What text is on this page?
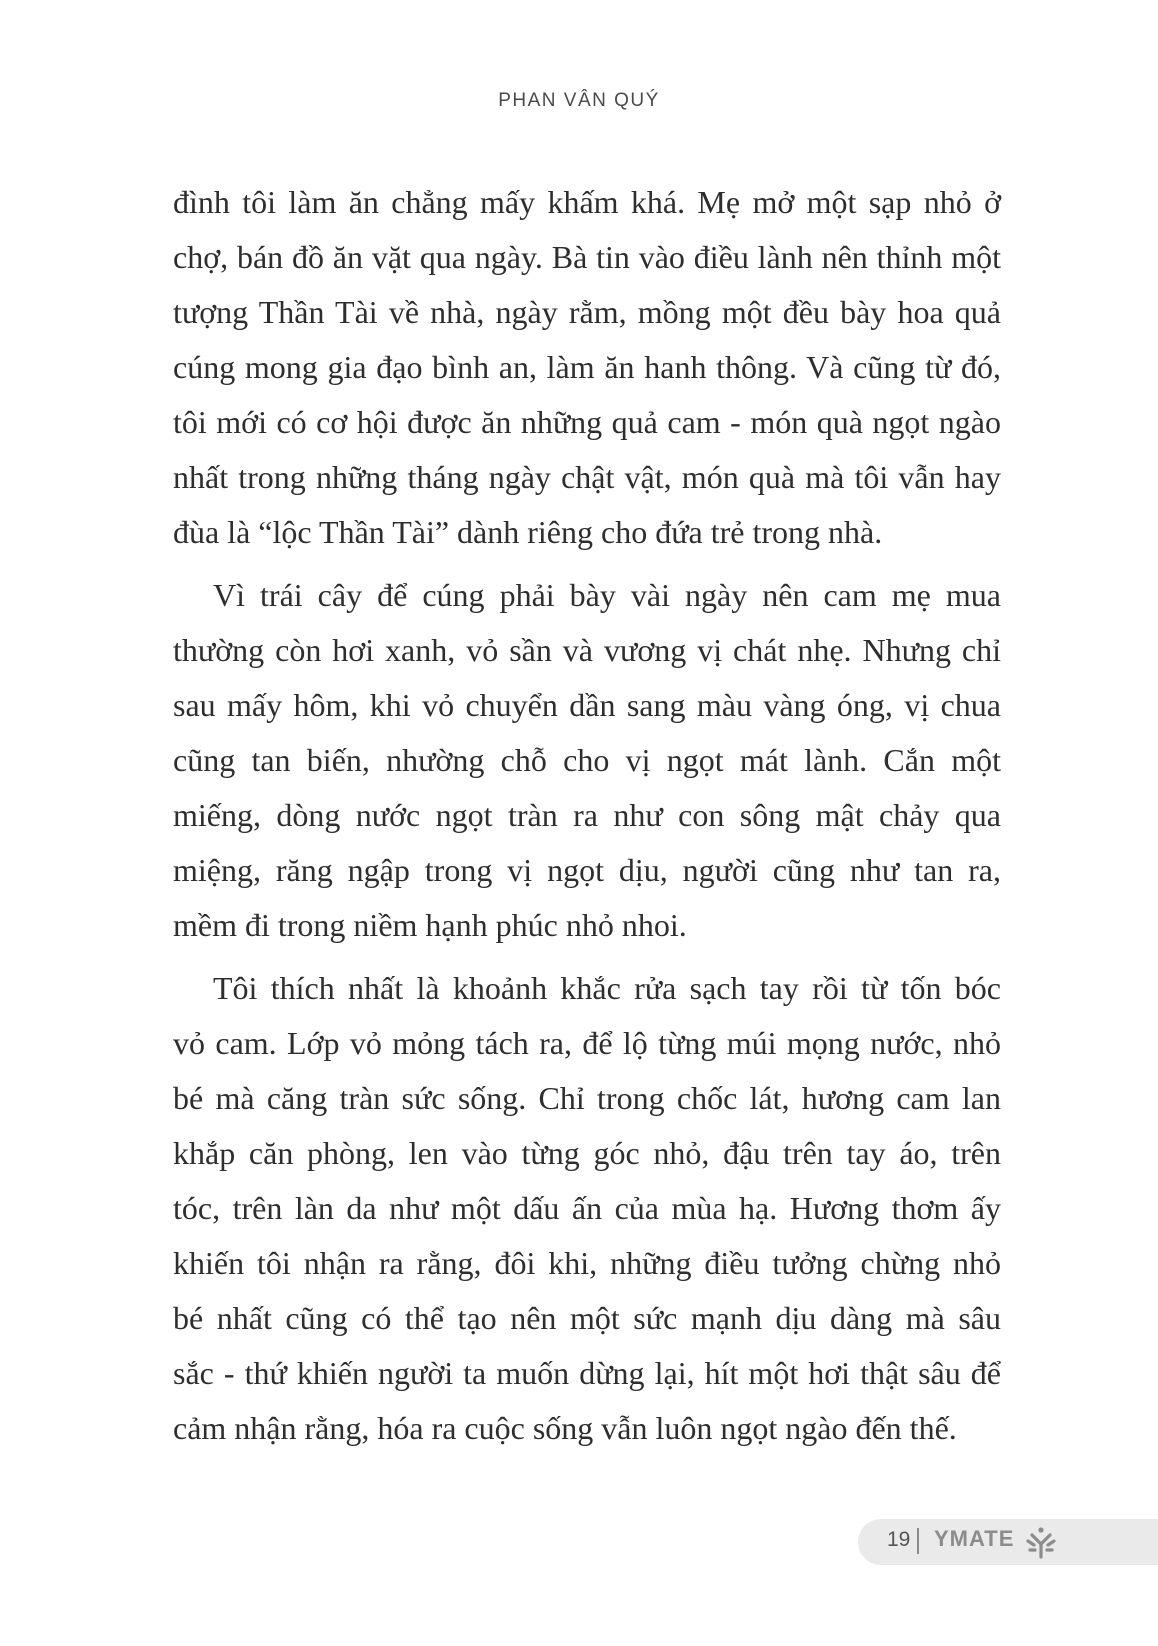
PHAN VÂN QUÝ

đình tôi làm ăn chẳng mấy khấm khá. Mẹ mở một sạp nhỏ ở
chợ, bán đồ ăn vặt qua ngày. Bà tin vào điều lành nên thỉnh một
tượng Thần Tài về nhà, ngày rằm, mồng một đều bày hoa quả
cúng mong gia đạo bình an, làm ăn hanh thông. Và cũng từ đó,
tôi mới có cơ hội được ăn những quả cam - món quà ngọt ngào
nhất trong những tháng ngày chật vật, món quà mà tôi vẫn hay
đùa là “lộc Thần Tài” dành riêng cho đứa trẻ trong nhà.

Vì trái cây để cúng phải bày vài ngày nên cam mẹ mua
thường còn hơi xanh, vỏ sần và vương vị chát nhẹ. Nhưng chỉ
sau mấy hôm, khi vỏ chuyển dần sang màu vàng óng, vị chua
cũng tan biến, nhường chỗ cho vị ngọt mát lành. Cắn một
miếng, dòng nước ngọt tràn ra như con sông mật chảy qua
miệng, răng ngập trong vị ngọt dịu, người cũng như tan ra,
mềm đi trong niềm hạnh phúc nhỏ nhoi.

Tôi thích nhất là khoảnh khắc rửa sạch tay rồi từ tốn bóc
vỏ cam. Lớp vỏ mỏng tách ra, để lộ từng múi mọng nước, nhỏ
bé mà căng tràn sức sống. Chỉ trong chốc lát, hương cam lan
khắp căn phòng, len vào từng góc nhỏ, đậu trên tay áo, trên
tóc, trên làn da như một dấu ấn của mùa hạ. Hương thơm ấy
khiến tôi nhận ra rằng, đôi khi, những điều tưởng chừng nhỏ
bé nhất cũng có thể tạo nên một sức mạnh dịu dàng mà sâu
sắc - thứ khiến người ta muốn dừng lại, hít một hơi thật sâu để
cảm nhận rằng, hóa ra cuộc sống vẫn luôn ngọt ngào đến thế.

19 YMATE
